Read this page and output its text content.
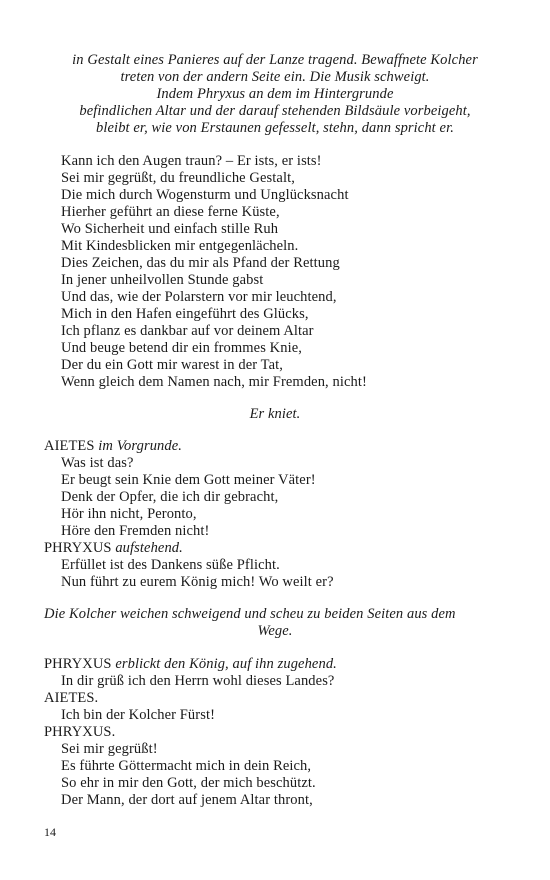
in Gestalt eines Panieres auf der Lanze tragend. Bewaffnete Kolcher
treten von der andern Seite ein. Die Musik schweigt.
Indem Phryxus an dem im Hintergrunde
befindlichen Altar und der darauf stehenden Bildsäule vorbeigeht,
bleibt er, wie von Erstaunen gefesselt, stehn, dann spricht er.
Kann ich den Augen traun? – Er ists, er ists!
Sei mir gegrüßt, du freundliche Gestalt,
Die mich durch Wogensturm und Unglücksnacht
Hierher geführt an diese ferne Küste,
Wo Sicherheit und einfach stille Ruh
Mit Kindesblicken mir entgegenlächeln.
Dies Zeichen, das du mir als Pfand der Rettung
In jener unheilvollen Stunde gabst
Und das, wie der Polarstern vor mir leuchtend,
Mich in den Hafen eingeführt des Glücks,
Ich pflanz es dankbar auf vor deinem Altar
Und beuge betend dir ein frommes Knie,
Der du ein Gott mir warest in der Tat,
Wenn gleich dem Namen nach, mir Fremden, nicht!
Er kniet.
AIETES im Vorgrunde.
Was ist das?
Er beugt sein Knie dem Gott meiner Väter!
Denk der Opfer, die ich dir gebracht,
Hör ihn nicht, Peronto,
Höre den Fremden nicht!
PHRYXUS aufstehend.
Erfüllet ist des Dankens süße Pflicht.
Nun führt zu eurem König mich! Wo weilt er?
Die Kolcher weichen schweigend und scheu zu beiden Seiten aus dem
Wege.
PHRYXUS erblickt den König, auf ihn zugehend.
In dir grüß ich den Herrn wohl dieses Landes?
AIETES.
Ich bin der Kolcher Fürst!
PHRYXUS.
Sei mir gegrüßt!
Es führte Göttermacht mich in dein Reich,
So ehr in mir den Gott, der mich beschützt.
Der Mann, der dort auf jenem Altar thront,
14
